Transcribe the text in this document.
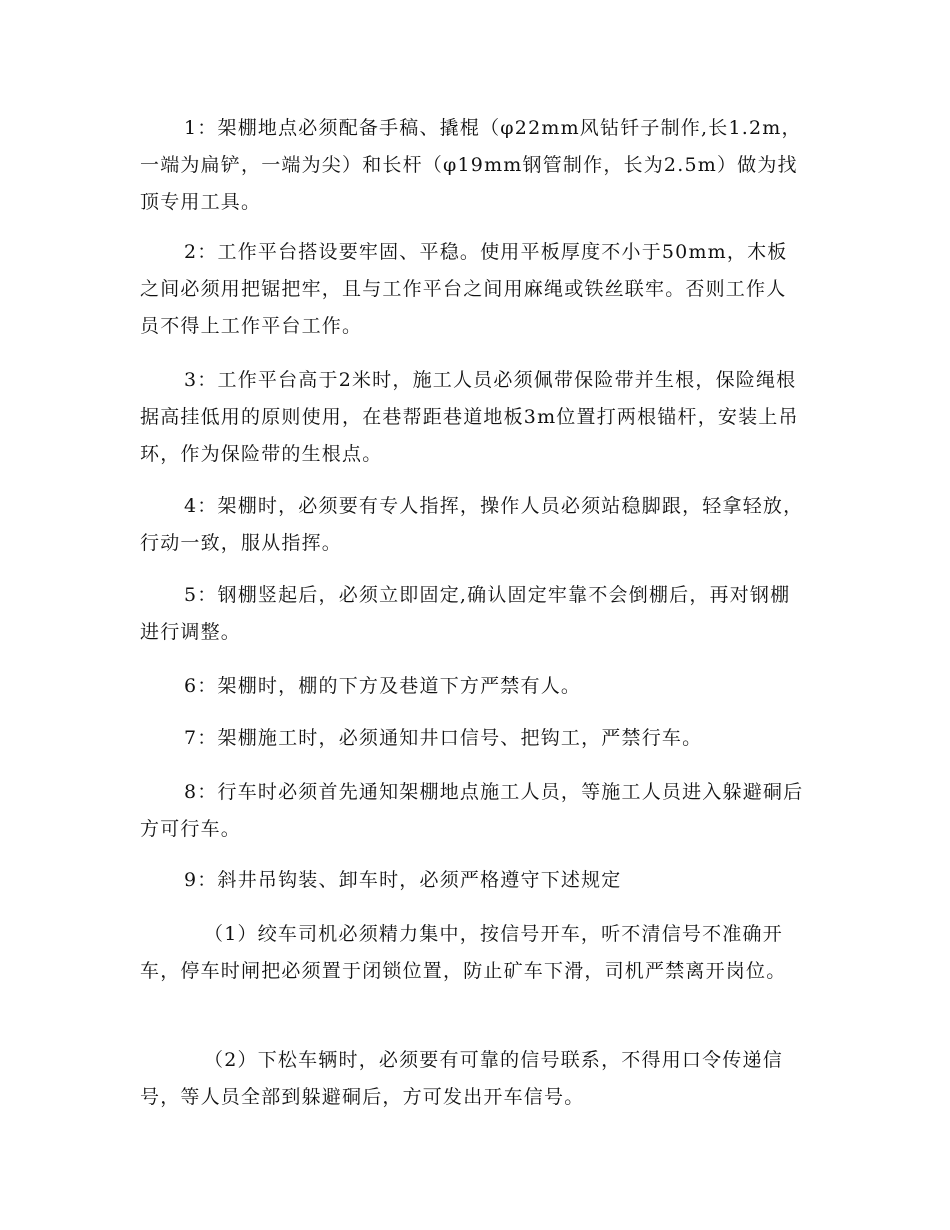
1：架棚地点必须配备手稿、撬棍（φ22mm风钻钎子制作,长1.2m，一端为扁铲，一端为尖）和长杆（φ19mm钢管制作，长为2.5m）做为找顶专用工具。

2：工作平台搭设要牢固、平稳。使用平板厚度不小于50mm，木板之间必须用把锯把牢，且与工作平台之间用麻绳或铁丝联牢。否则工作人员不得上工作平台工作。

3：工作平台高于2米时，施工人员必须佩带保险带并生根，保险绳根据高挂低用的原则使用，在巷帮距巷道地板3m位置打两根锚杆，安装上吊环，作为保险带的生根点。

4：架棚时，必须要有专人指挥，操作人员必须站稳脚跟，轻拿轻放，行动一致，服从指挥。

5：钢棚竖起后，必须立即固定,确认固定牢靠不会倒棚后，再对钢棚进行调整。

6：架棚时，棚的下方及巷道下方严禁有人。

7：架棚施工时，必须通知井口信号、把钩工，严禁行车。

8：行车时必须首先通知架棚地点施工人员，等施工人员进入躲避硐后方可行车。

9：斜井吊钩装、卸车时，必须严格遵守下述规定

（1）绞车司机必须精力集中，按信号开车，听不清信号不准确开车，停车时闸把必须置于闭锁位置，防止矿车下滑，司机严禁离开岗位。

（2）下松车辆时，必须要有可靠的信号联系，不得用口令传递信号，等人员全部到躲避硐后，方可发出开车信号。
